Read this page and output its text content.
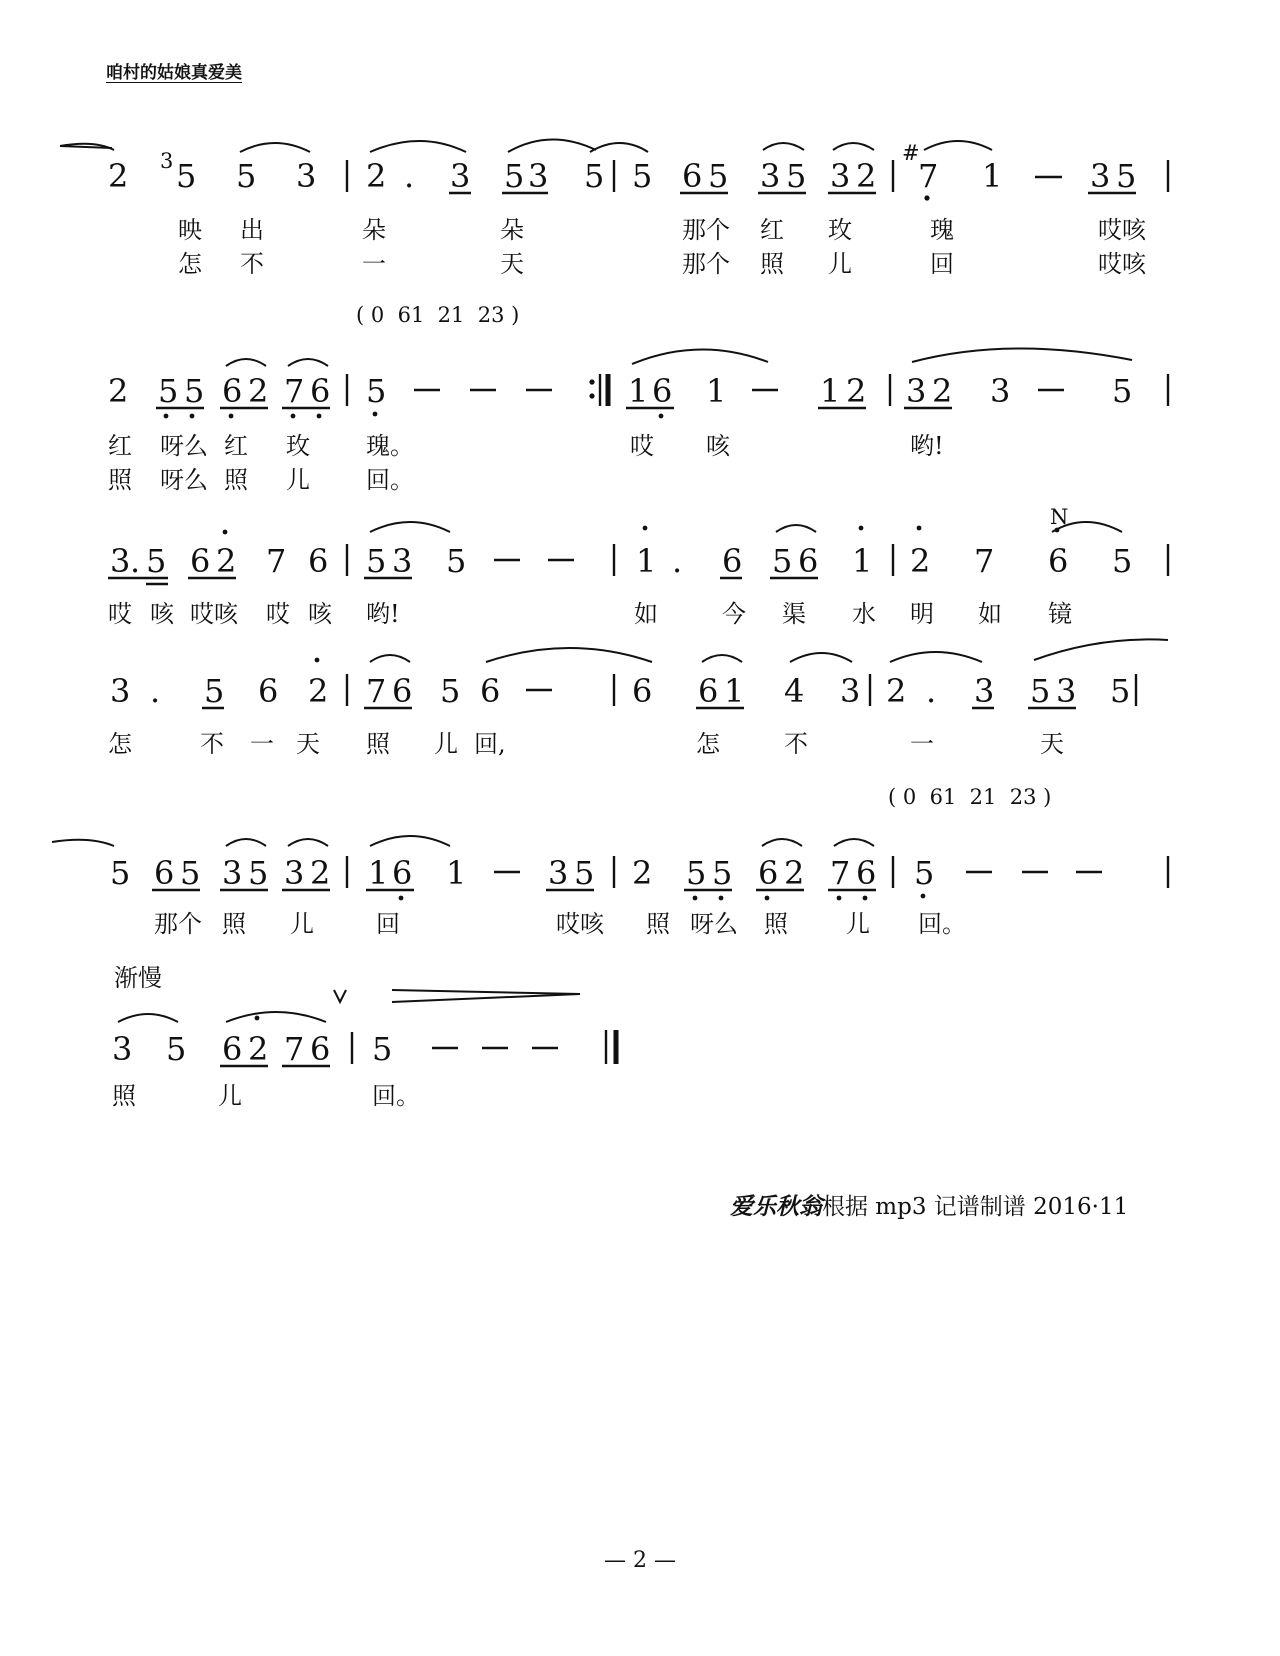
咱村的姑娘真爱美
2 3 5 5 3 2 . 3 5 3 5 5 6 5 3 5 3 2
#
7 1	3 5
映 出	朵	朵	那个 红 玫	瑰	哎咳
怎 不	一	天	那个 照 儿	回	哎咳
( 0  61  21  23 )
2 5 5 6 2 7 6 5	1 6 1	1 2 3 2 3	5
红 呀么 红 玫 瑰。	哎 咳	哟!
照 呀么 照 儿 回。
3 . 5 6 2 7 6 5 3 5	1 . 6 5 6 1 2 7 6
N
5
哎 咳 哎咳 哎 咳 哟!	如	今 渠 水 明 如 镜
3 . 5 6 2 7 6 5 6	6 6 1 4 3 2 . 3 5 3 5
怎	不 一 天 照 儿 回,	怎	不	一	天
( 0  61  21  23 )
5 6 5 3 5 3 2 1 6 1	3 5 2 5 5 6 2 7 6 5
那个 照 儿	回	哎咳 照 呀么 照 儿 回。
渐慢
3 5 6 2 7 6 5
照	儿	回。
爱乐秋翁根据 mp3 记谱制谱 2016·11
— 2 —
